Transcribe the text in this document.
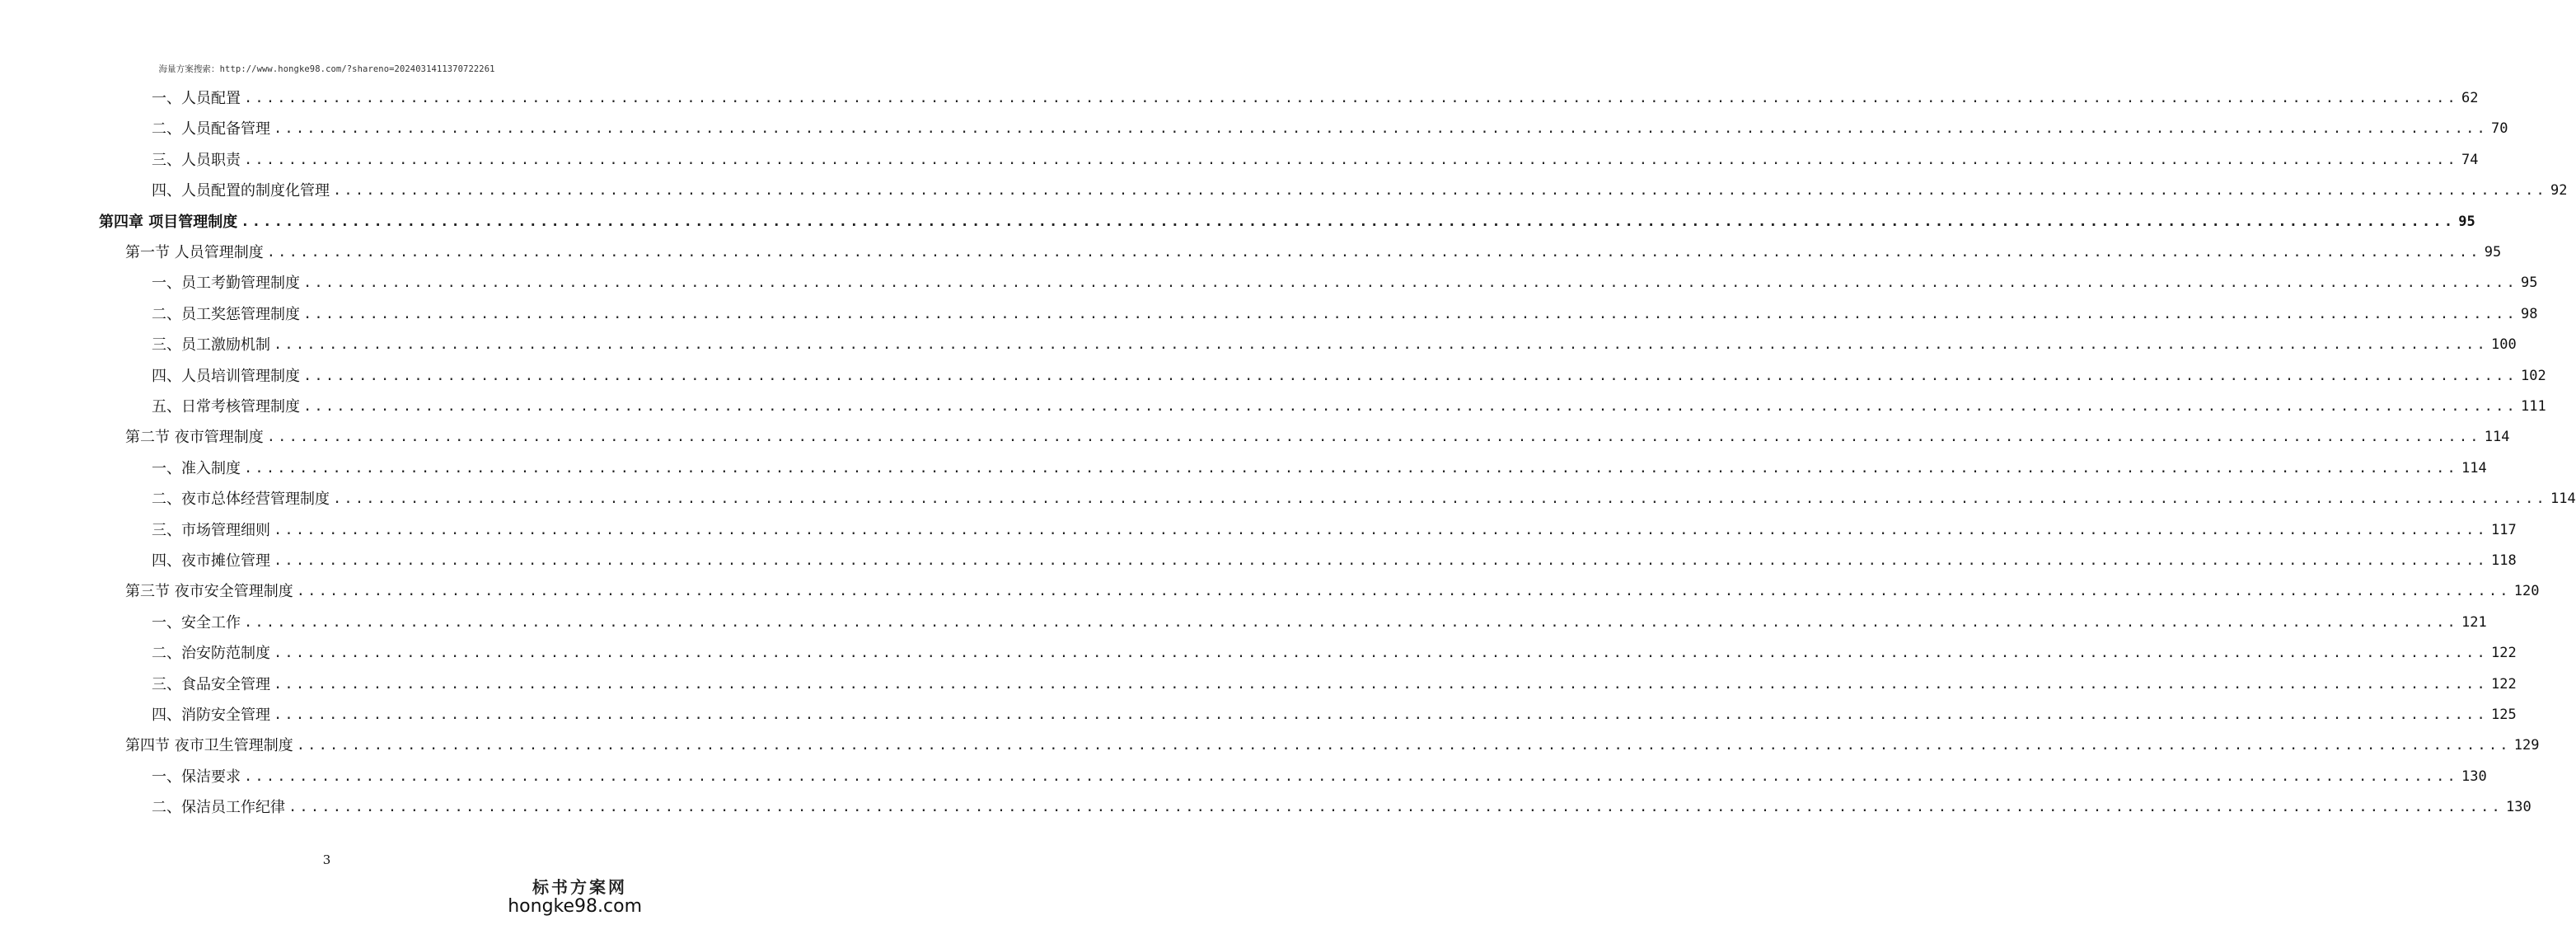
海量方案搜索：http://www.hongke98.com/?shareno=2024031411370722261
一、人员配置 ........................................................................................................................................................................................................ 62
二、人员配备管理 ........................................................................................................................................................................................................ 70
三、人员职责 ........................................................................................................................................................................................................ 74
四、人员配置的制度化管理 ........................................................................................................................................................................................................ 92
第四章 项目管理制度 ........................................................................................................................................................................................................ 95
第一节 人员管理制度 ........................................................................................................................................................................................................ 95
一、员工考勤管理制度 ........................................................................................................................................................................................................ 95
二、员工奖惩管理制度 ........................................................................................................................................................................................................ 98
三、员工激励机制 ........................................................................................................................................................................................................ 100
四、人员培训管理制度 ........................................................................................................................................................................................................ 102
五、日常考核管理制度 ........................................................................................................................................................................................................ 111
第二节 夜市管理制度 ........................................................................................................................................................................................................ 114
一、准入制度 ........................................................................................................................................................................................................ 114
二、夜市总体经营管理制度 ........................................................................................................................................................................................................ 114
三、市场管理细则 ........................................................................................................................................................................................................ 117
四、夜市摊位管理 ........................................................................................................................................................................................................ 118
第三节 夜市安全管理制度 ........................................................................................................................................................................................................ 120
一、安全工作 ........................................................................................................................................................................................................ 121
二、治安防范制度 ........................................................................................................................................................................................................ 122
三、食品安全管理 ........................................................................................................................................................................................................ 122
四、消防安全管理 ........................................................................................................................................................................................................ 125
第四节 夜市卫生管理制度 ........................................................................................................................................................................................................ 129
一、保洁要求 ........................................................................................................................................................................................................ 130
二、保洁员工作纪律 ........................................................................................................................................................................................................ 130
3
标书方案网
hongke98.com
